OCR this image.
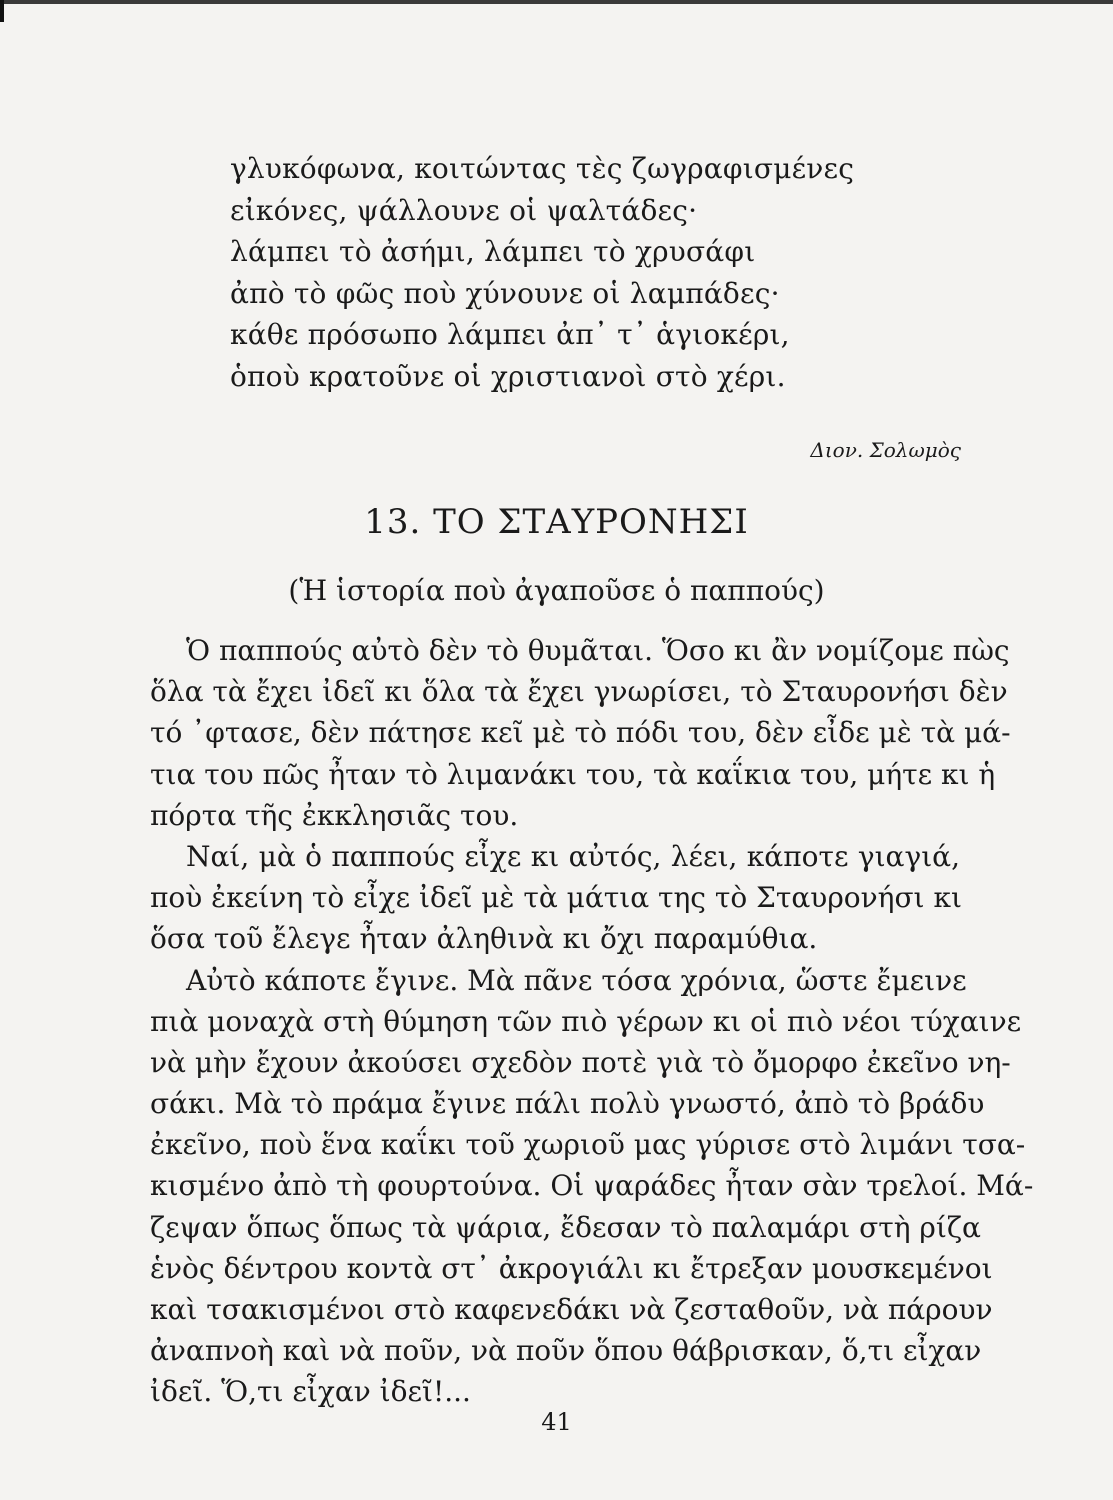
γλυκόφωνα, κοιτώντας τὲς ζωγραφισμένες
εἰκόνες, ψάλλουνε οἱ ψαλτάδες·
λάμπει τὸ ἀσήμι, λάμπει τὸ χρυσάφι
ἀπὸ τὸ φῶς ποὺ χύνουνε οἱ λαμπάδες·
κάθε πρόσωπο λάμπει ἀπ᾽ τ᾽ ἁγιοκέρι,
ὁποὺ κρατοῦνε οἱ χριστιανοὶ στὸ χέρι.
Διον. Σολωμὸς
13. ΤΟ ΣΤΑΥΡΟΝΗΣΙ
(Ἡ ἱστορία ποὺ ἀγαποῦσε ὁ παππούς)
Ὁ παππούς αὐτὸ δὲν τὸ θυμᾶται. Ὅσο κι ἂν νομίζομε πὼς
ὅλα τὰ ἔχει ἰδεῖ κι ὅλα τὰ ἔχει γνωρίσει, τὸ Σταυρονήσι δὲν
τό ᾽φτασε, δὲν πάτησε κεῖ μὲ τὸ πόδι του, δὲν εἶδε μὲ τὰ μά-
τια του πῶς ἦταν τὸ λιμανάκι του, τὰ καΐκια του, μήτε κι ἡ
πόρτα τῆς ἐκκλησιᾶς του.
Ναί, μὰ ὁ παππούς εἶχε κι αὐτός, λέει, κάποτε γιαγιά,
ποὺ ἐκείνη τὸ εἶχε ἰδεῖ μὲ τὰ μάτια της τὸ Σταυρονήσι κι
ὅσα τοῦ ἔλεγε ἦταν ἀληθινὰ κι ὄχι παραμύθια.
Αὐτὸ κάποτε ἔγινε. Μὰ πᾶνε τόσα χρόνια, ὥστε ἔμεινε
πιὰ μοναχὰ στὴ θύμηση τῶν πιὸ γέρων κι οἱ πιὸ νέοι τύχαινε
νὰ μὴν ἔχουν ἀκούσει σχεδὸν ποτὲ γιὰ τὸ ὄμορφο ἐκεῖνο νη-
σάκι. Μὰ τὸ πράμα ἔγινε πάλι πολὺ γνωστό, ἀπὸ τὸ βράδυ
ἐκεῖνο, ποὺ ἕνα καΐκι τοῦ χωριοῦ μας γύρισε στὸ λιμάνι τσα-
κισμένο ἀπὸ τὴ φουρτούνα. Οἱ ψαράδες ἦταν σὰν τρελοί. Μά-
ζεψαν ὅπως ὅπως τὰ ψάρια, ἔδεσαν τὸ παλαμάρι στὴ ρίζα
ἑνὸς δέντρου κοντὰ στ᾽ ἀκρογιάλι κι ἔτρεξαν μουσκεμένοι
καὶ τσακισμένοι στὸ καφενεδάκι νὰ ζεσταθοῦν, νὰ πάρουν
ἀναπνοὴ καὶ νὰ ποῦν, νὰ ποῦν ὅπου θάβρισκαν, ὅ,τι εἶχαν
ἰδεῖ. Ὅ,τι εἶχαν ἰδεῖ!...
41
